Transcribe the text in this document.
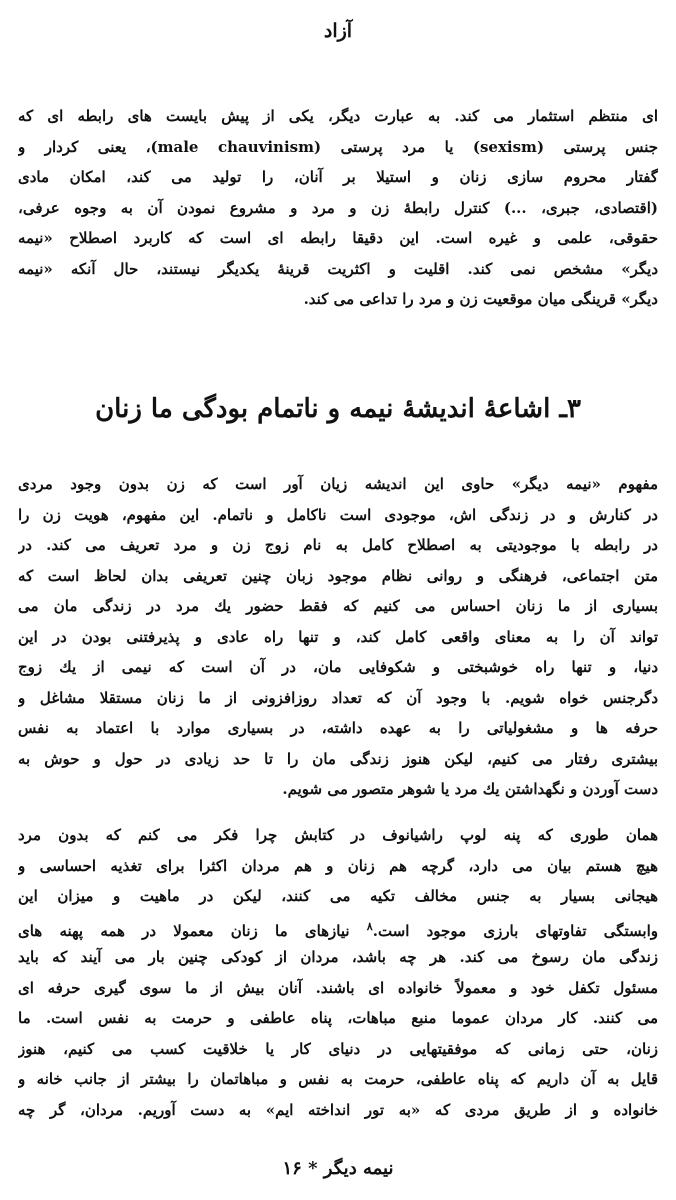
آزاد
ای منتظم استثمار می کند. به عبارت دیگر، یکی از پیش بایست های رابطه ای که
جنس پرستی (sexism) یا مرد پرستی (male chauvinism)، یعنی کردار و
گفتار محروم سازی زنان و استیلا بر آنان، را تولید می کند، امکان مادی
(اقتصادی، جبری، ...) کنترل رابطهٔ زن و مرد و مشروع نمودن آن به وجوه عرفی،
حقوقی، علمی و غیره است. این دقیقا رابطه ای است که کاربرد اصطلاح «نیمه
دیگر» مشخص نمی کند. اقلیت و اکثریت قرینهٔ یکدیگر نیستند، حال آنکه «نیمه
دیگر» قرینگی میان موقعیت زن و مرد را تداعی می کند.
۳ـ اشاعهٔ اندیشهٔ نیمه و ناتمام بودگی ما زنان
مفهوم «نیمه دیگر» حاوی این اندیشه زیان آور است که زن بدون وجود مردی
در کنارش و در زندگی اش، موجودی است ناکامل و ناتمام. این مفهوم، هویت زن را
در رابطه با موجودیتی به اصطلاح کامل به نام زوج زن و مرد تعریف می کند. در
متن اجتماعی، فرهنگی و روانی نظام موجود زبان چنین تعریفی بدان لحاظ است که
بسیاری از ما زنان احساس می کنیم که فقط حضور یك مرد در زندگی مان می
تواند آن را به معنای واقعی کامل کند، و تنها راه عادی و پذیرفتنی بودن در این
دنیا، و تنها راه خوشبختی و شکوفایی مان، در آن است که نیمی از یك زوج
دگرجنس خواه شویم. با وجود آن که تعداد روزافزونی از ما زنان مستقلا مشاغل و
حرفه ها و مشغولیاتی را به عهده داشته، در بسیاری موارد با اعتماد به نفس
بیشتری رفتار می کنیم، لیکن هنوز زندگی مان را تا حد زیادی در حول و حوش به
دست آوردن و نگهداشتن یك مرد یا شوهر متصور می شویم.
همان طوری که پنه لوپ راشیانوف در کتابش چرا فکر می کنم که بدون مرد
هیچ هستم بیان می دارد، گرچه هم زنان و هم مردان اکثرا برای تغذیه احساسی و
هیجانی بسیار به جنس مخالف تکیه می کنند، لیکن در ماهیت و میزان این
وابستگی تفاوتهای بارزی موجود است.$^۸$ نیازهای ما زنان معمولا در همه پهنه های
زندگی مان رسوخ می کند. هر چه باشد، مردان از کودکی چنین بار می آیند که باید
مسئول تکفل خود و معمولاً خانواده ای باشند. آنان بیش از ما سوی گیری حرفه ای
می کنند. کار مردان عموما منبع مباهات، پناه عاطفی و حرمت به نفس است. ما
زنان، حتی زمانی که موفقیتهایی در دنیای کار یا خلاقیت کسب می کنیم، هنوز
قایل به آن داریم که پناه عاطفی، حرمت به نفس و مباهاتمان را بیشتر از جانب خانه و
خانواده و از طریق مردی که «به تور انداخته ایم» به دست آوریم. مردان، گر چه
نیمه دیگر * ۱۶
